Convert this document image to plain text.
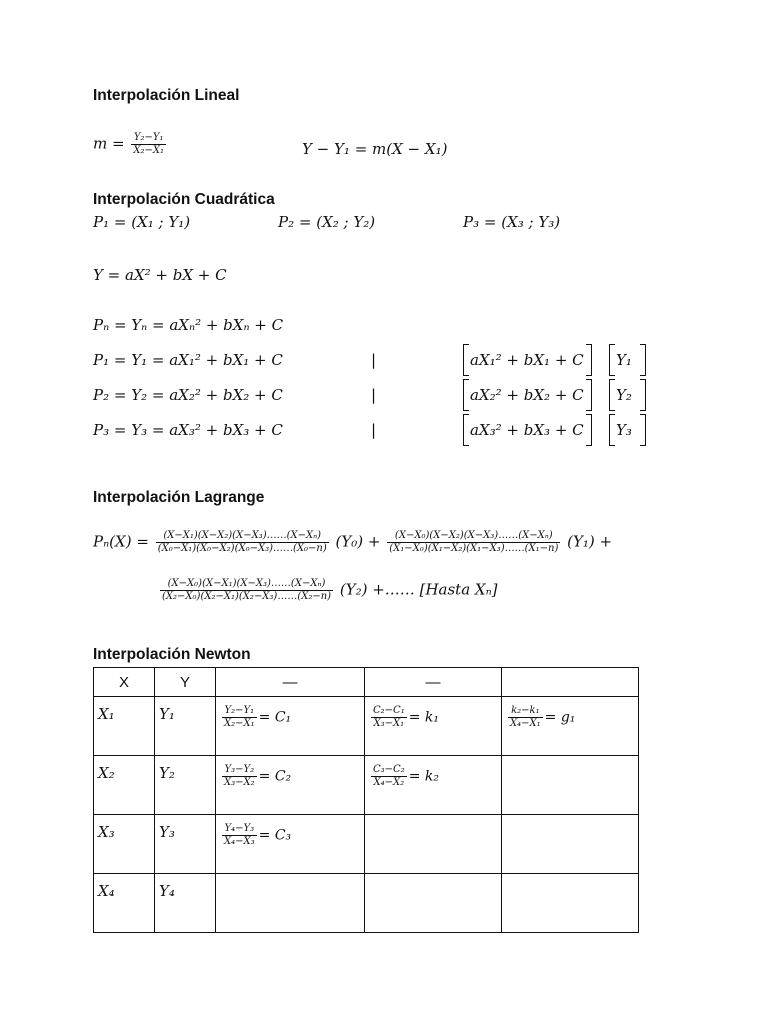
Interpolación Lineal
$m = \frac{\text{Y₂−Y₁}}{\text{X₂−X₁}}$	Y − Y₁ = m(X − X₁)
Interpolación Cuadrática
P₁ = (X₁ ; Y₁)	P₂ = (X₂ ; Y₂)	P₃ = (X₃ ; Y₃)
Y = aX² + bX + C
Pₙ = Yₙ = aXₙ² + bXₙ + C
P₁ = Y₁ = aX₁² + bX₁ + C	|	aX₁² + bX₁ + C Y₁
P₂ = Y₂ = aX₂² + bX₂ + C	|	aX₂² + bX₂ + C Y₂
P₃ = Y₃ = aX₃² + bX₃ + C	|	aX₃² + bX₃ + C Y₃
Interpolación Lagrange
$P_n(X) = \frac{\text{(X−X₁)(X−X₂)(X−X₃)……(X−Xₙ)}}{\text{(X₀−X₁)(X₀−X₂)(X₀−X₃)……(X₀−n)}} (Y_0) + \frac{\text{(X−X₀)(X−X₂)(X−X₃)……(X−Xₙ)}}{\text{(X₁−X₀)(X₁−X₂)(X₁−X₃)……(X₁−n)}} (Y_1)$ +
$\frac{\text{(X−X₀)(X−X₁)(X−X₃)……(X−Xₙ)}}{\text{(X₂−X₀)(X₂−X₁)(X₂−X₃)……(X₂−n)}} (Y_2)$ +…… [Hasta Xₙ]
Interpolación Newton
X	Y	—	—	

X₁	Y₁	$\frac{\text{Y₂−Y₁}}{\text{X₂−X₁}} = C_1$	$\frac{\text{C₂−C₁}}{\text{X₃−X₁}} = k_1$	$\frac{\text{k₂−k₁}}{\text{X₄−X₁}} = g_1$

X₂	Y₂	$\frac{\text{Y₃−Y₂}}{\text{X₃−X₂}} = C_2$	$\frac{\text{C₃−C₂}}{\text{X₄−X₂}} = k_2$	

X₃	Y₃	$\frac{\text{Y₄−Y₃}}{\text{X₄−X₃}} = C_3$		

X₄	Y₄			
